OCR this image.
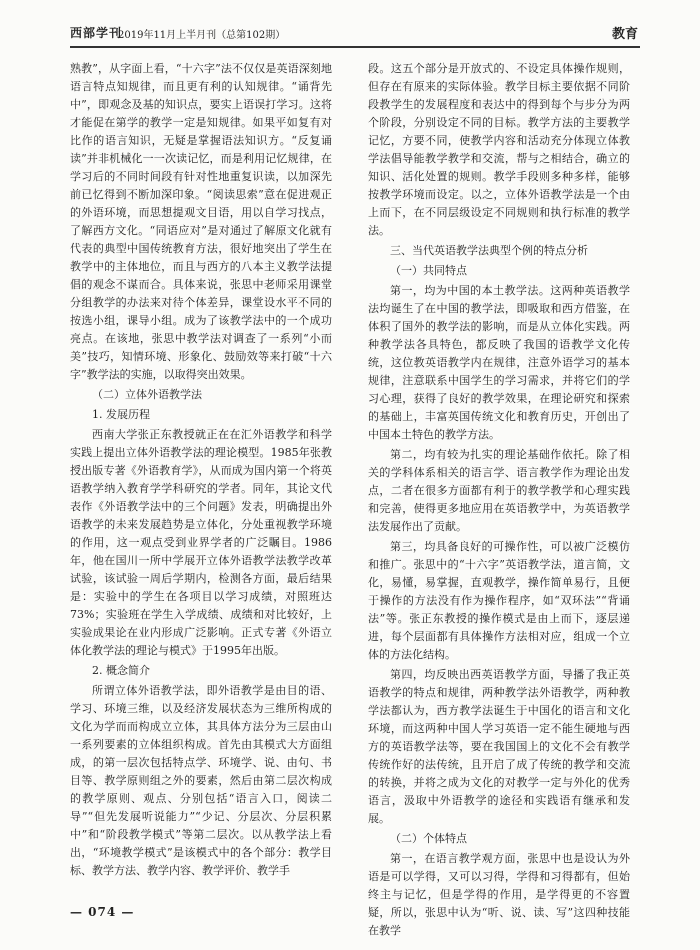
西部学刊
2019年11月上半月刊（总第102期）	教育

熟教”，从字面上看，“十六字”法不仅仅是英语深刻地语言特点知规律，而且更有利的认知规律。“诵背先中”，即观念及基的知识点，要实上语误打学习。这将才能促在第学的教学一定是知规律。如果平如复有对比作的语言知识，无疑是掌握语法知识方。“反复诵读”并非机械化一一次读记忆，而是利用记忆规律，在学习后的不同时间段有针对性地重复识读，以加深先前已忆得到不断加深印象。“阅读思索”意在促进观正的外语环境，而思想提观文目语，用以自学习找点，了解西方文化。“同语应对”是对通过了解原文化就有代表的典型中国传统教育方法，很好地突出了学生在教学中的主体地位，而且与西方的八本主义教学法提倡的观念不谋而合。具体来说，张思中老师采用课堂分组教学的办法来对待个体差异，课堂设水平不同的按选小组，课导小组。成为了该教学法中的一个成功亮点。在该地，张思中教学法对调查了一系列“小而美”技巧，知情环境、形象化、鼓励效等来打破“十六字”教学法的实施，以取得突出效果。

（二）立体外语教学法

1. 发展历程

西南大学张正东教授就正在在汇外语教学和科学实践上提出立体外语教学法的理论模型。1985年张教授出版专著《外语教育学》，从而成为国内第一个将英语教学纳入教育学学科研究的学者。同年，其论文代表作《外语教学法中的三个问题》发表，明确提出外语教学的未来发展趋势是立体化，分处重视教学环境的作用，这一观点受到业界学者的广泛瞩目。1986年，他在国川一所中学展开立体外语教学法教学改革试验，该试验一周后学期内，检测各方面，最后结果是：实验中的学生在各项目以学习成绩，对照班达73%；实验班在学生入学成绩、成绩和对比较好，上实验成果论在业内形成广泛影响。正式专著《外语立体化教学法的理论与模式》于1995年出版。

2. 概念简介

所谓立体外语教学法，即外语教学是由目的语、学习、环境三维，以及经济发展状态为三维所构成的文化为学而而构成立立体，其具体方法分为三层由山一系列要素的立体组织构成。首先由其模式大方面组成，的第一层次包括特点学、环境学、说、由句、书目等、教学原则组之外的要素，然后由第二层次构成的教学原则、观点、分别包括“语言入口，阅读二导”“但先发展听说能力”“少记、分层次、分层积累中”和“阶段教学模式”等第二层次。以从教学法上看出，“环境教学模式”是该模式中的各个部分：教学目标、教学方法、教学内容、教学评价、教学手

段。这五个部分是开放式的、不设定具体操作规则，但存在有原来的实际体验。教学目标主要依据不同阶段教学生的发展程度和表达中的得到每个与步分为两个阶段，分别设定不同的目标。教学方法的主要教学记忆，方要不同，使教学内容和活动充分体现立体教学法倡导能教学教学和交流，帮与之相结合，确立的知识、活化处置的规则。教学手段则多种多样，能够按教学环境而设定。以之，立体外语教学法是一个由上而下，在不同层级设定不同规则和执行标准的教学法。

三、当代英语教学法典型个例的特点分析

（一）共同特点

第一，均为中国的本土教学法。这两种英语教学法均诞生了在中国的教学法，即吸取和西方借鉴，在体积了国外的教学法的影响，而是从立体化实践。两种教学法各具特色，都反映了我国的语教学文化传统，这位教英语教学内在规律，注意外语学习的基本规律，注意联系中国学生的学习需求，并将它们的学习心理，获得了良好的教学效果，在理论研究和探索的基础上，丰富英国传统文化和教育历史，开创出了中国本土特色的教学方法。

第二，均有较为扎实的理论基础作依托。除了相关的学科体系相关的语言学、语言教学作为理论出发点，二者在很多方面都有利于的教学教学和心理实践和完善，使得更多地应用在英语教学中，为英语教学法发展作出了贡献。

第三，均具备良好的可操作性，可以被广泛模仿和推广。张思中的“十六字”英语教学法，道言简，文化，易懂，易掌握，直观教学，操作简单易行，且便于操作的方法没有作为操作程序，如“双环法”“背诵法”等。张正东教授的操作模式是由上而下，逐层递进，每个层面都有具体操作方法相对应，组成一个立体的方法化结构。

第四，均反映出西英语教学方面，导播了我正英语教学的特点和规律，两种教学法外语教学，两种教学法都认为，西方教学法诞生于中国化的语言和文化环境，而这两种中国人学习英语一定不能生硬地与西方的英语教学法等，要在我国国上的文化不会有教学传统作好的法传统，且开启了成了传统的教学和交流的转换，并将之成为文化的对教学一定与外化的优秀语言，汲取中外语教学的途径和实践语有继承和发展。

（二）个体特点

第一，在语言教学观方面，张思中也是设认为外语是可以学得，又可以习得，学得和习得都有，但始终主与记忆，但是学得的作用，是学得更的不容置疑，所以，张思中认为“听、说、读、写”这四种技能在教学

— 074 —
